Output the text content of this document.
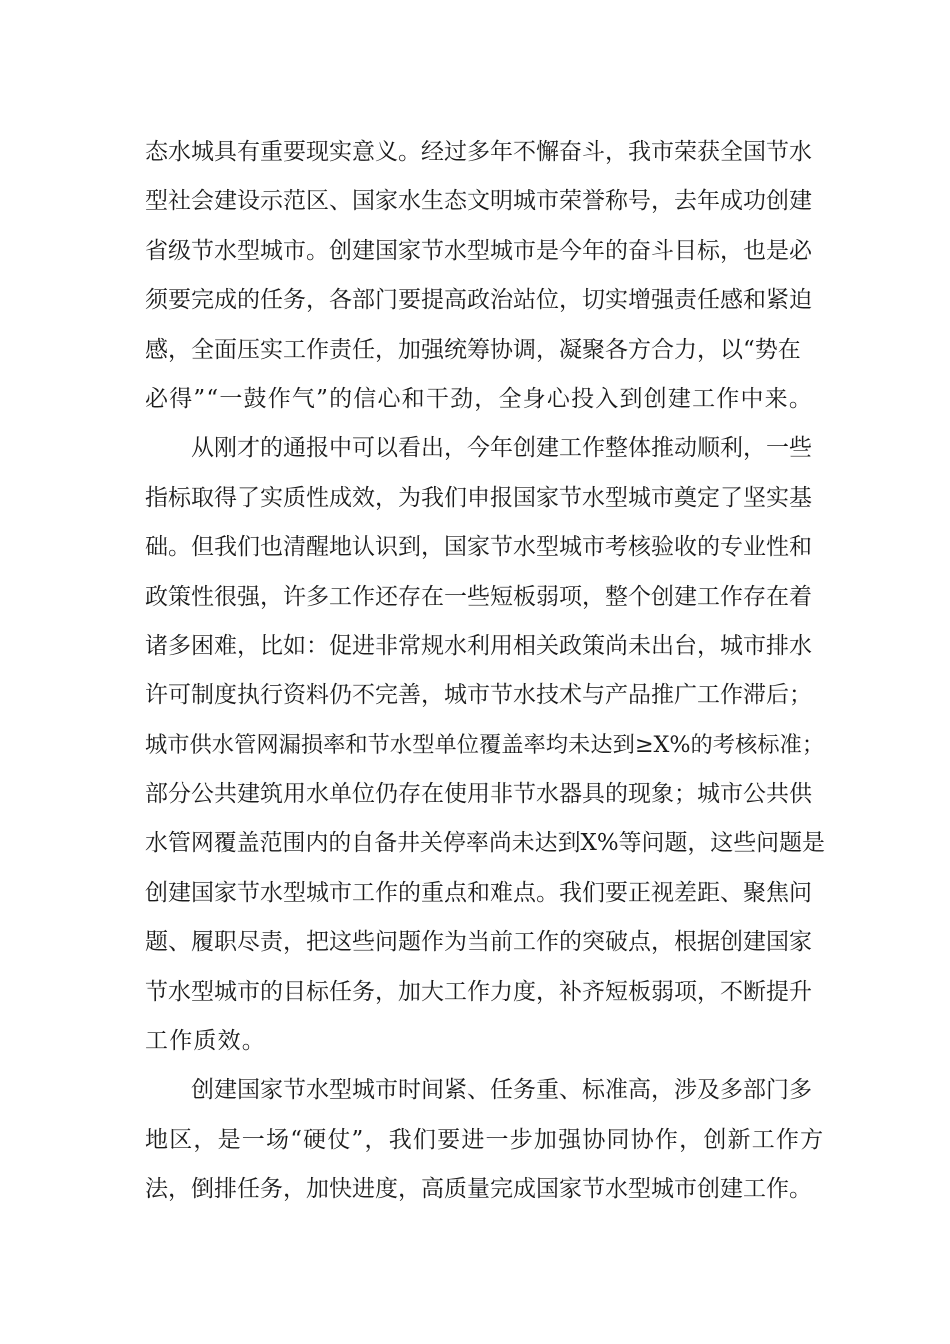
态水城具有重要现实意义。经过多年不懈奋斗，我市荣获全国节水
型社会建设示范区、国家水生态文明城市荣誉称号，去年成功创建
省级节水型城市。创建国家节水型城市是今年的奋斗目标，也是必
须要完成的任务，各部门要提高政治站位，切实增强责任感和紧迫
感，全面压实工作责任，加强统筹协调，凝聚各方合力，以“势在
必得”“一鼓作气”的信心和干劲，全身心投入到创建工作中来。
从刚才的通报中可以看出，今年创建工作整体推动顺利，一些
指标取得了实质性成效，为我们申报国家节水型城市奠定了坚实基
础。但我们也清醒地认识到，国家节水型城市考核验收的专业性和
政策性很强，许多工作还存在一些短板弱项，整个创建工作存在着
诸多困难，比如：促进非常规水利用相关政策尚未出台，城市排水
许可制度执行资料仍不完善，城市节水技术与产品推广工作滞后；
城市供水管网漏损率和节水型单位覆盖率均未达到≥X%的考核标准；
部分公共建筑用水单位仍存在使用非节水器具的现象；城市公共供
水管网覆盖范围内的自备井关停率尚未达到X%等问题，这些问题是
创建国家节水型城市工作的重点和难点。我们要正视差距、聚焦问
题、履职尽责，把这些问题作为当前工作的突破点，根据创建国家
节水型城市的目标任务，加大工作力度，补齐短板弱项，不断提升
工作质效。
创建国家节水型城市时间紧、任务重、标准高，涉及多部门多
地区，是一场“硬仗”，我们要进一步加强协同协作，创新工作方
法，倒排任务，加快进度，高质量完成国家节水型城市创建工作。
